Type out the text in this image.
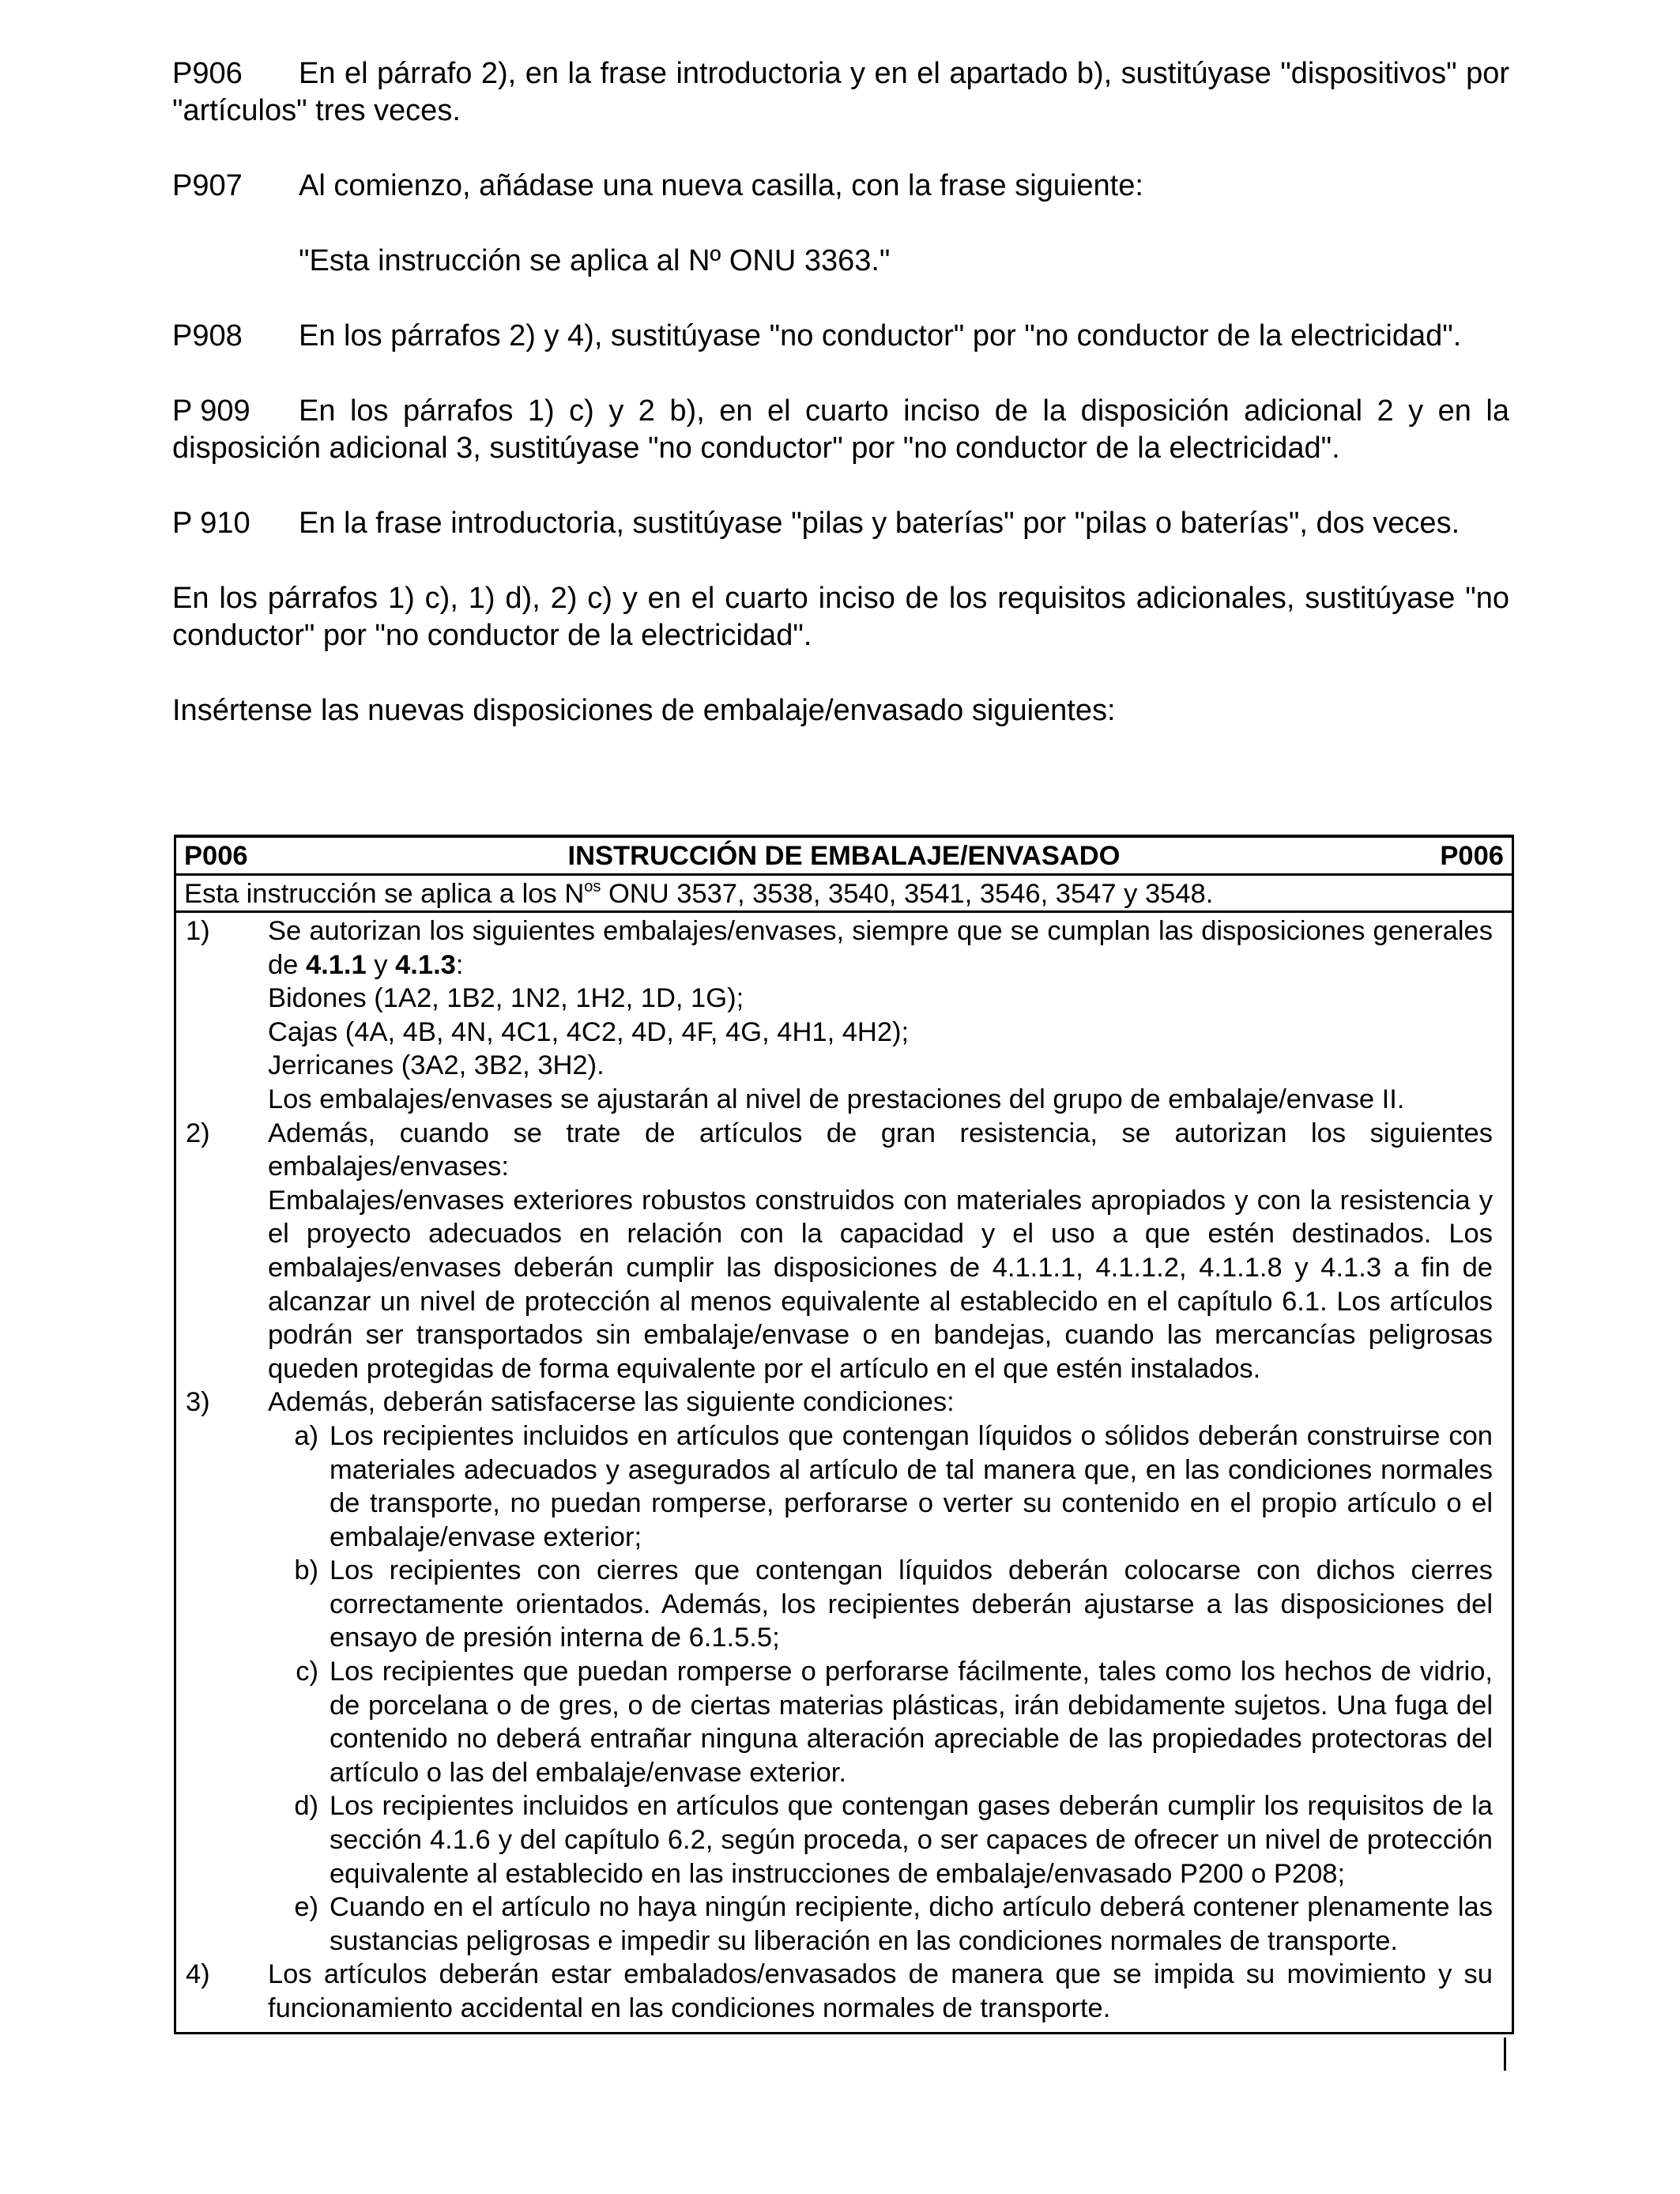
P906 En el párrafo 2), en la frase introductoria y en el apartado b), sustitúyase "dispositivos" por "artículos" tres veces.

P907 Al comienzo, añádase una nueva casilla, con la frase siguiente:

"Esta instrucción se aplica al Nº ONU 3363."

P908 En los párrafos 2) y 4), sustitúyase "no conductor" por "no conductor de la electricidad".

P 909 En los párrafos 1) c) y 2 b), en el cuarto inciso de la disposición adicional 2 y en la disposición adicional 3, sustitúyase "no conductor" por "no conductor de la electricidad".

P 910 En la frase introductoria, sustitúyase "pilas y baterías" por "pilas o baterías", dos veces.

En los párrafos 1) c), 1) d), 2) c) y en el cuarto inciso de los requisitos adicionales, sustitúyase "no conductor" por "no conductor de la electricidad".

Insértense las nuevas disposiciones de embalaje/envasado siguientes:

P006	INSTRUCCIÓN DE EMBALAJE/ENVASADO	P006
Esta instrucción se aplica a los $N^{os}$ ONU 3537, 3538, 3540, 3541, 3546, 3547 y 3548.
1)	Se autorizan los siguientes embalajes/envases, siempre que se cumplan las disposiciones generales de 4.1.1 y 4.1.3:
Bidones (1A2, 1B2, 1N2, 1H2, 1D, 1G);
Cajas (4A, 4B, 4N, 4C1, 4C2, 4D, 4F, 4G, 4H1, 4H2);
Jerricanes (3A2, 3B2, 3H2).
Los embalajes/envases se ajustarán al nivel de prestaciones del grupo de embalaje/envase II.
2)	Además, cuando se trate de artículos de gran resistencia, se autorizan los siguientes embalajes/envases:
Embalajes/envases exteriores robustos construidos con materiales apropiados y con la resistencia y el proyecto adecuados en relación con la capacidad y el uso a que estén destinados. Los embalajes/envases deberán cumplir las disposiciones de 4.1.1.1, 4.1.1.2, 4.1.1.8 y 4.1.3 a fin de alcanzar un nivel de protección al menos equivalente al establecido en el capítulo 6.1. Los artículos podrán ser transportados sin embalaje/envase o en bandejas, cuando las mercancías peligrosas queden protegidas de forma equivalente por el artículo en el que estén instalados.
3)	Además, deberán satisfacerse las siguiente condiciones:
a) Los recipientes incluidos en artículos que contengan líquidos o sólidos deberán construirse con materiales adecuados y asegurados al artículo de tal manera que, en las condiciones normales de transporte, no puedan romperse, perforarse o verter su contenido en el propio artículo o el embalaje/envase exterior;
b) Los recipientes con cierres que contengan líquidos deberán colocarse con dichos cierres correctamente orientados. Además, los recipientes deberán ajustarse a las disposiciones del ensayo de presión interna de 6.1.5.5;
c) Los recipientes que puedan romperse o perforarse fácilmente, tales como los hechos de vidrio, de porcelana o de gres, o de ciertas materias plásticas, irán debidamente sujetos. Una fuga del contenido no deberá entrañar ninguna alteración apreciable de las propiedades protectoras del artículo o las del embalaje/envase exterior.
d) Los recipientes incluidos en artículos que contengan gases deberán cumplir los requisitos de la sección 4.1.6 y del capítulo 6.2, según proceda, o ser capaces de ofrecer un nivel de protección equivalente al establecido en las instrucciones de embalaje/envasado P200 o P208;
e) Cuando en el artículo no haya ningún recipiente, dicho artículo deberá contener plenamente las sustancias peligrosas e impedir su liberación en las condiciones normales de transporte.
4)	Los artículos deberán estar embalados/envasados de manera que se impida su movimiento y su funcionamiento accidental en las condiciones normales de transporte.
